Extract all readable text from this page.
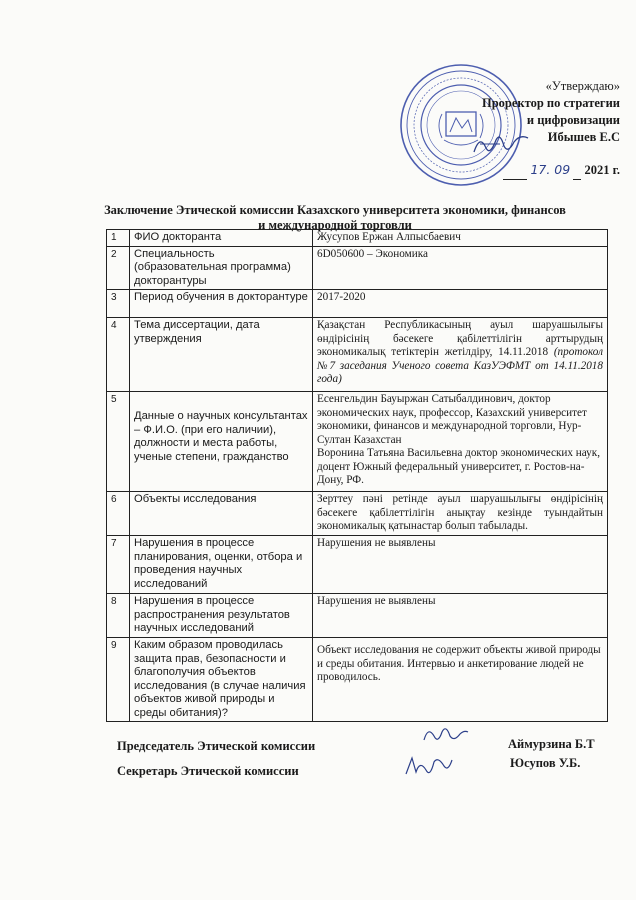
«Утверждаю»
Проректор по стратегии
и цифровизации
Ибышев Е.С
17. 09 2021 г.
Заключение Этической комиссии Казахского университета экономики, финансов и международной торговли
1	ФИО докторанта	Жусупов Ержан Алпысбаевич
2	Специальность (образовательная программа) докторантуры	6D050600 – Экономика
3	Период обучения в докторантуре	2017-2020
4	Тема диссертации, дата утверждения	Қазақстан Республикасының ауыл шаруашылығы өндірісінің бәсекеге қабілеттілігін арттырудың экономикалық тетіктерін жетілдіру, 14.11.2018 (протокол №7 заседания Ученого совета КазУЭФМТ от 14.11.2018 года)
5	Данные о научных консультантах – Ф.И.О. (при его наличии), должности и места работы, ученые степени, гражданство	Есенгельдин Бауыржан Сатыбалдинович, доктор экономических наук, профессор, Казахский университет экономики, финансов и международной торговли, Нур-Султан Казахстан
Воронина Татьяна Васильевна доктор экономических наук, доцент Южный федеральный университет, г. Ростов-на-Дону, РФ.

6	Объекты исследования	Зерттеу пәні ретінде ауыл шаруашылығы өндірісінің бәсекеге қабілеттілігін анықтау кезінде туындайтын экономикалық қатынастар болып табылады.
7	Нарушения в процессе планирования, оценки, отбора и проведения научных исследований	Нарушения не выявлены
8	Нарушения в процессе распространения результатов научных исследований	Нарушения не выявлены
9	Каким образом проводилась защита прав, безопасности и благополучия объектов исследования (в случае наличия объектов живой природы и среды обитания)?	Объект исследования не содержит объекты живой природы и среды обитания. Интервью и анкетирование людей не проводилось.
Председатель Этической комиссии	Аймурзина Б.Т
Секретарь Этической комиссии
Юсупов У.Б.
